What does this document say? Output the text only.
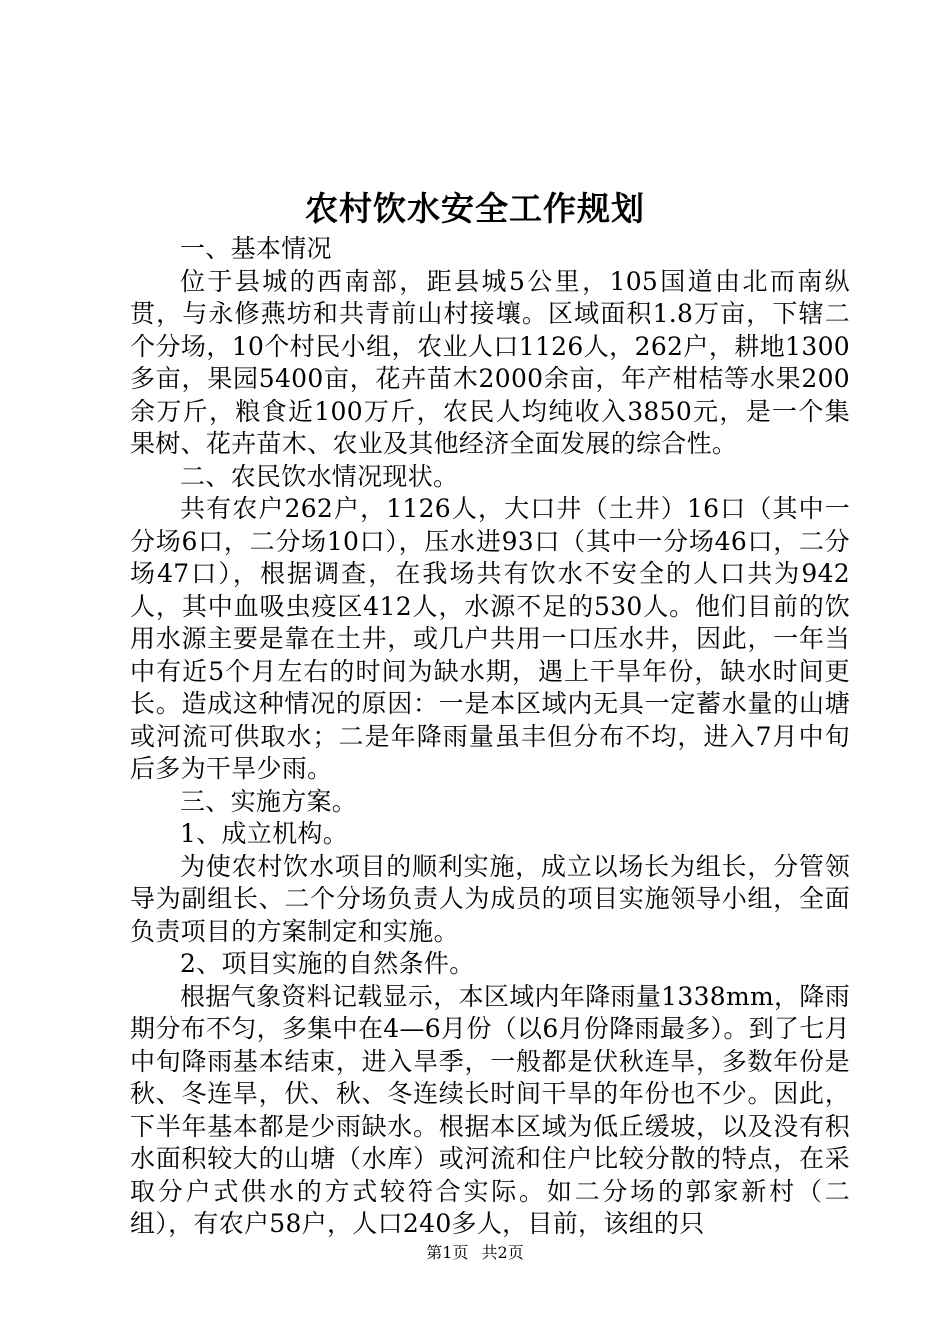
农村饮水安全工作规划

一、基本情况

位于县城的西南部，距县城5公里，105国道由北而南纵贯，与永修燕坊和共青前山村接壤。区域面积1.8万亩，下辖二个分场，10个村民小组，农业人口1126人，262户，耕地1300多亩，果园5400亩，花卉苗木2000余亩，年产柑桔等水果200余万斤，粮食近100万斤，农民人均纯收入3850元，是一个集果树、花卉苗木、农业及其他经济全面发展的综合性。

二、农民饮水情况现状。

共有农户262户，1126人，大口井（土井）16口（其中一分场6口，二分场10口），压水进93口（其中一分场46口，二分场47口），根据调查，在我场共有饮水不安全的人口共为942人，其中血吸虫疫区412人，水源不足的530人。他们目前的饮用水源主要是靠在土井，或几户共用一口压水井，因此，一年当中有近5个月左右的时间为缺水期，遇上干旱年份，缺水时间更长。造成这种情况的原因：一是本区域内无具一定蓄水量的山塘或河流可供取水；二是年降雨量虽丰但分布不均，进入7月中旬后多为干旱少雨。

三、实施方案。

1、成立机构。

为使农村饮水项目的顺利实施，成立以场长为组长，分管领导为副组长、二个分场负责人为成员的项目实施领导小组，全面负责项目的方案制定和实施。

2、项目实施的自然条件。

根据气象资料记载显示，本区域内年降雨量1338mm，降雨期分布不匀，多集中在4—6月份（以6月份降雨最多）。到了七月中旬降雨基本结束，进入旱季，一般都是伏秋连旱，多数年份是秋、冬连旱，伏、秋、冬连续长时间干旱的年份也不少。因此，下半年基本都是少雨缺水。根据本区域为低丘缓坡，以及没有积水面积较大的山塘（水库）或河流和住户比较分散的特点，在采取分户式供水的方式较符合实际。如二分场的郭家新村（二组），有农户58户，人口240多人，目前，该组的只

第1页 共2页
